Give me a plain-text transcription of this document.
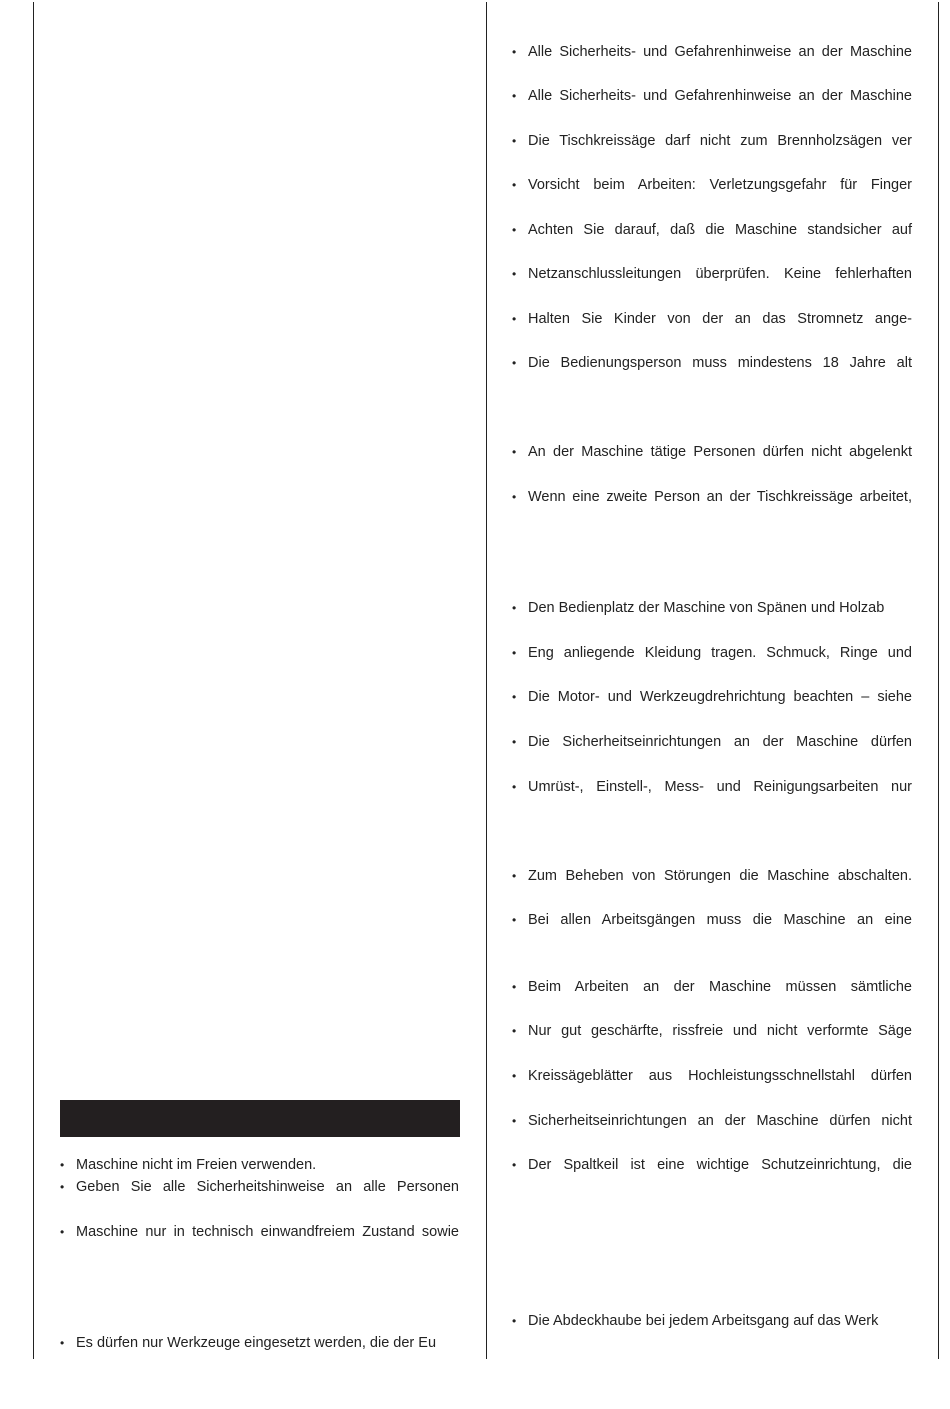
• Maschine nicht im Freien verwenden.
• Geben Sie alle Sicherheitshinweise an alle Personen
• Maschine nur in technisch einwandfreiem Zustand sowie
• Es dürfen nur Werkzeuge eingesetzt werden, die der Eu
• Alle Sicherheits- und Gefahrenhinweise an der Maschine
• Alle Sicherheits- und Gefahrenhinweise an der Maschine
• Die Tischkreissäge darf nicht zum Brennholzsägen ver
• Vorsicht beim Arbeiten: Verletzungsgefahr für Finger
• Achten Sie darauf, daß die Maschine standsicher auf
• Netzanschlussleitungen überprüfen. Keine fehlerhaften
• Halten Sie Kinder von der an das Stromnetz ange-
• Die Bedienungsperson muss mindestens 18 Jahre alt
• An der Maschine tätige Personen dürfen nicht abgelenkt
• Wenn eine zweite Person an der Tischkreissäge arbeitet,
• Den Bedienplatz der Maschine von Spänen und Holzab
• Eng anliegende Kleidung tragen. Schmuck, Ringe und
• Die Motor- und Werkzeugdrehrichtung beachten – siehe
• Die Sicherheitseinrichtungen an der Maschine dürfen
• Umrüst-, Einstell-, Mess- und Reinigungsarbeiten nur
• Zum Beheben von Störungen die Maschine abschalten.
• Bei allen Arbeitsgängen muss die Maschine an eine
• Beim Arbeiten an der Maschine müssen sämtliche
• Nur gut geschärfte, rissfreie und nicht verformte Säge
• Kreissägeblätter aus Hochleistungsschnellstahl dürfen
• Sicherheitseinrichtungen an der Maschine dürfen nicht
• Der Spaltkeil ist eine wichtige Schutzeinrichtung, die
• Die Abdeckhaube bei jedem Arbeitsgang auf das Werk
